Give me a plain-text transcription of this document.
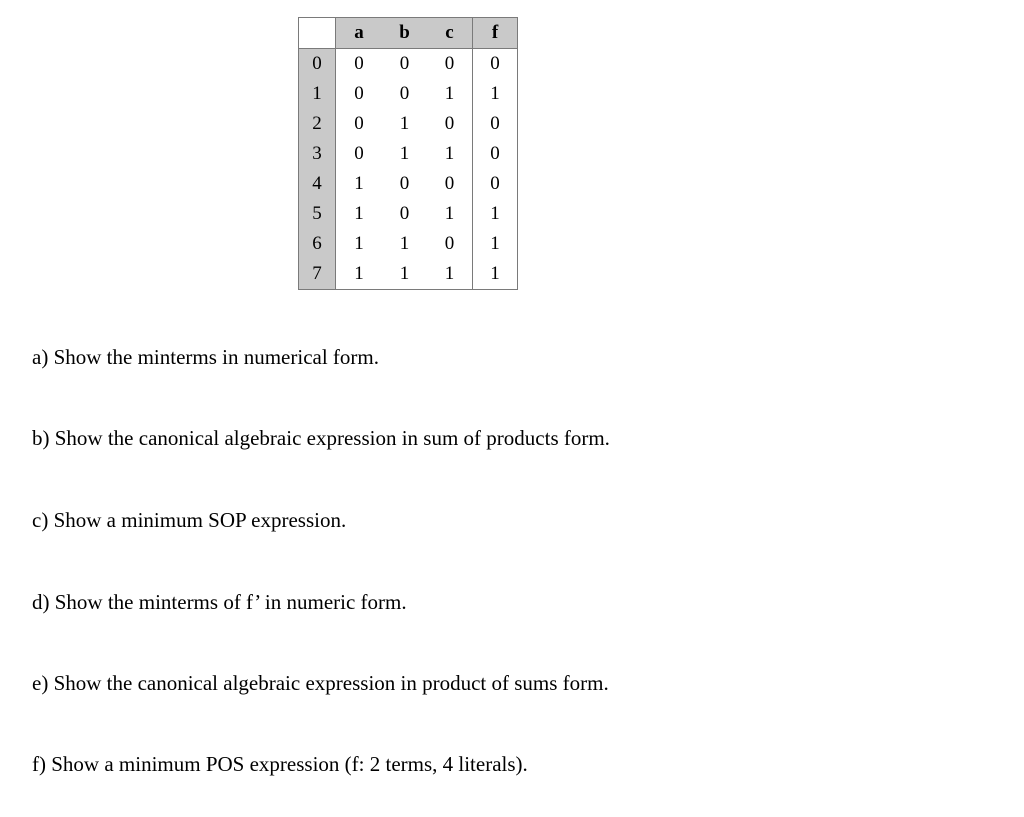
	a	b	c	f
0	0	0	0	0
1	0	0	1	1
2	0	1	0	0
3	0	1	1	0
4	1	0	0	0
5	1	0	1	1
6	1	1	0	1
7	1	1	1	1

a) Show the minterms in numerical form.

b) Show the canonical algebraic expression in sum of products form.

c) Show a minimum SOP expression.

d) Show the minterms of f’ in numeric form.

e) Show the canonical algebraic expression in product of sums form.

f) Show a minimum POS expression (f: 2 terms, 4 literals).
